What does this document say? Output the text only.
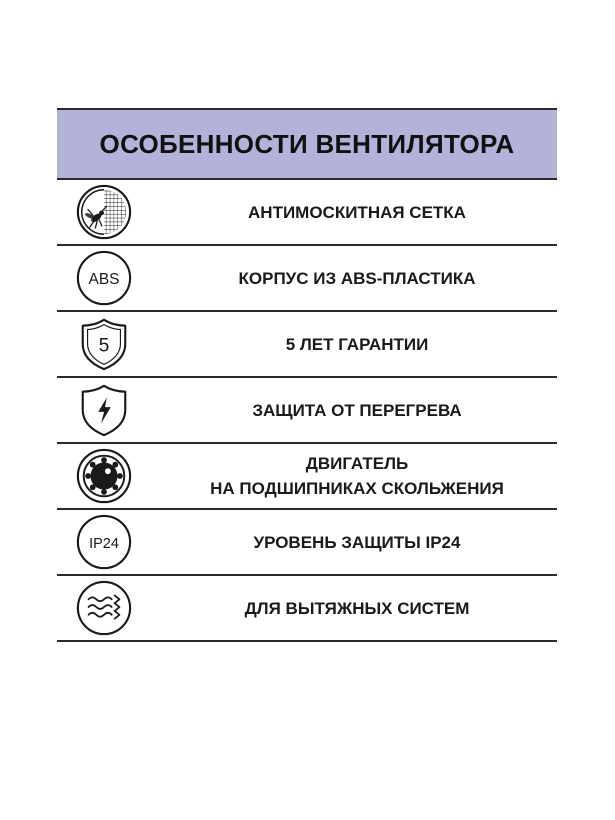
ОСОБЕННОСТИ ВЕНТИЛЯТОРА
АНТИМОСКИТНАЯ СЕТКА
ABS	КОРПУС ИЗ ABS-ПЛАСТИКА
5	5 ЛЕТ ГАРАНТИИ
ЗАЩИТА ОТ ПЕРЕГРЕВА
ДВИГАТЕЛЬ
НА ПОДШИПНИКАХ СКОЛЬЖЕНИЯ
IP24	УРОВЕНЬ ЗАЩИТЫ IP24
ДЛЯ ВЫТЯЖНЫХ СИСТЕМ
